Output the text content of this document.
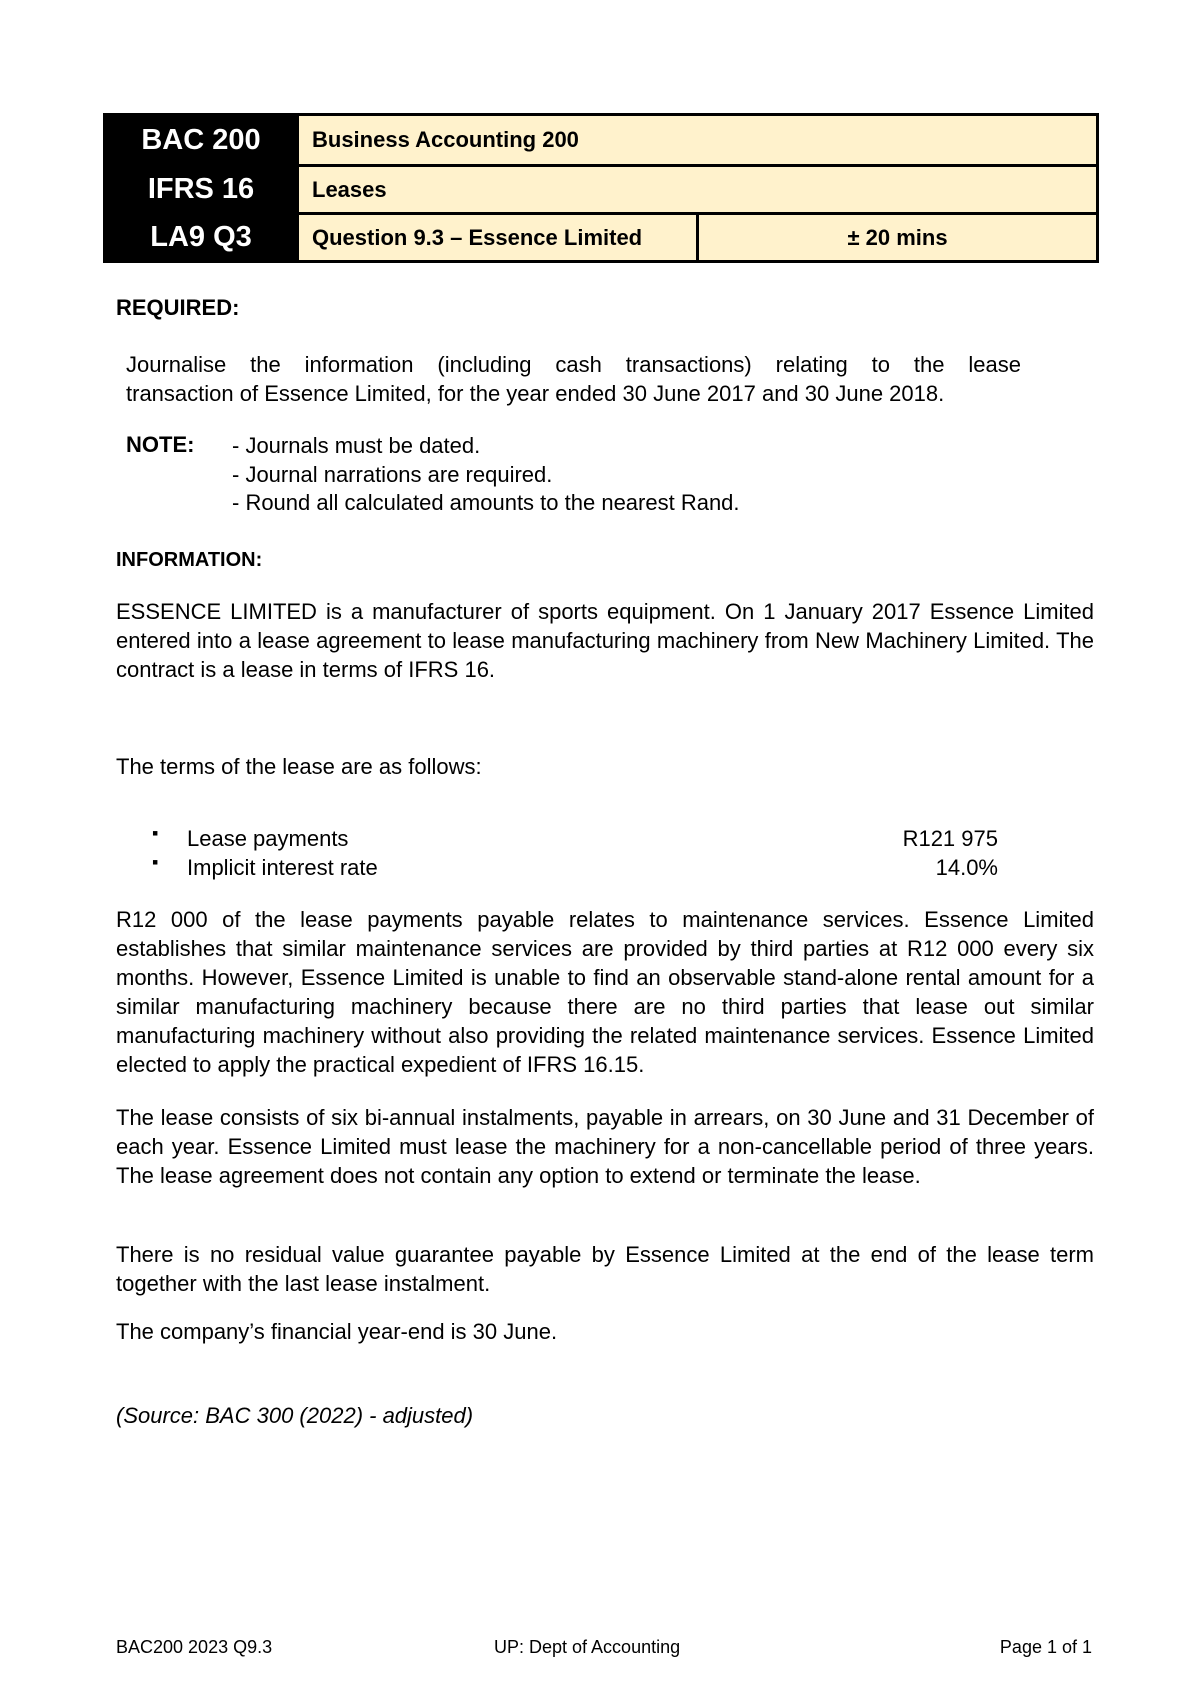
BAC 200	Business Accounting 200	
IFRS 16	Leases	
LA9 Q3	Question 9.3 – Essence Limited	± 20 mins
REQUIRED:
Journalise the information (including cash transactions) relating to the lease
transaction of Essence Limited, for the year ended 30 June 2017 and 30 June 2018.
NOTE: - Journals must be dated.
- Journal narrations are required.
- Round all calculated amounts to the nearest Rand.
INFORMATION:
ESSENCE LIMITED is a manufacturer of sports equipment. On 1 January 2017 Essence Limited entered into a lease agreement to lease manufacturing machinery from New Machinery Limited. The contract is a lease in terms of IFRS 16.
The terms of the lease are as follows:
▪ Lease payments	R121 975
▪ Implicit interest rate	14.0%
R12 000 of the lease payments payable relates to maintenance services. Essence Limited establishes that similar maintenance services are provided by third parties at R12 000 every six months. However, Essence Limited is unable to find an observable stand-alone rental amount for a similar manufacturing machinery because there are no third parties that lease out similar manufacturing machinery without also providing the related maintenance services. Essence Limited elected to apply the practical expedient of IFRS 16.15.
The lease consists of six bi-annual instalments, payable in arrears, on 30 June and 31 December of each year. Essence Limited must lease the machinery for a non-cancellable period of three years. The lease agreement does not contain any option to extend or terminate the lease.
There is no residual value guarantee payable by Essence Limited at the end of the lease term together with the last lease instalment.
The company’s financial year-end is 30 June.
(Source: BAC 300 (2022) - adjusted)
BAC200 2023 Q9.3	UP: Dept of Accounting	Page 1 of 1
